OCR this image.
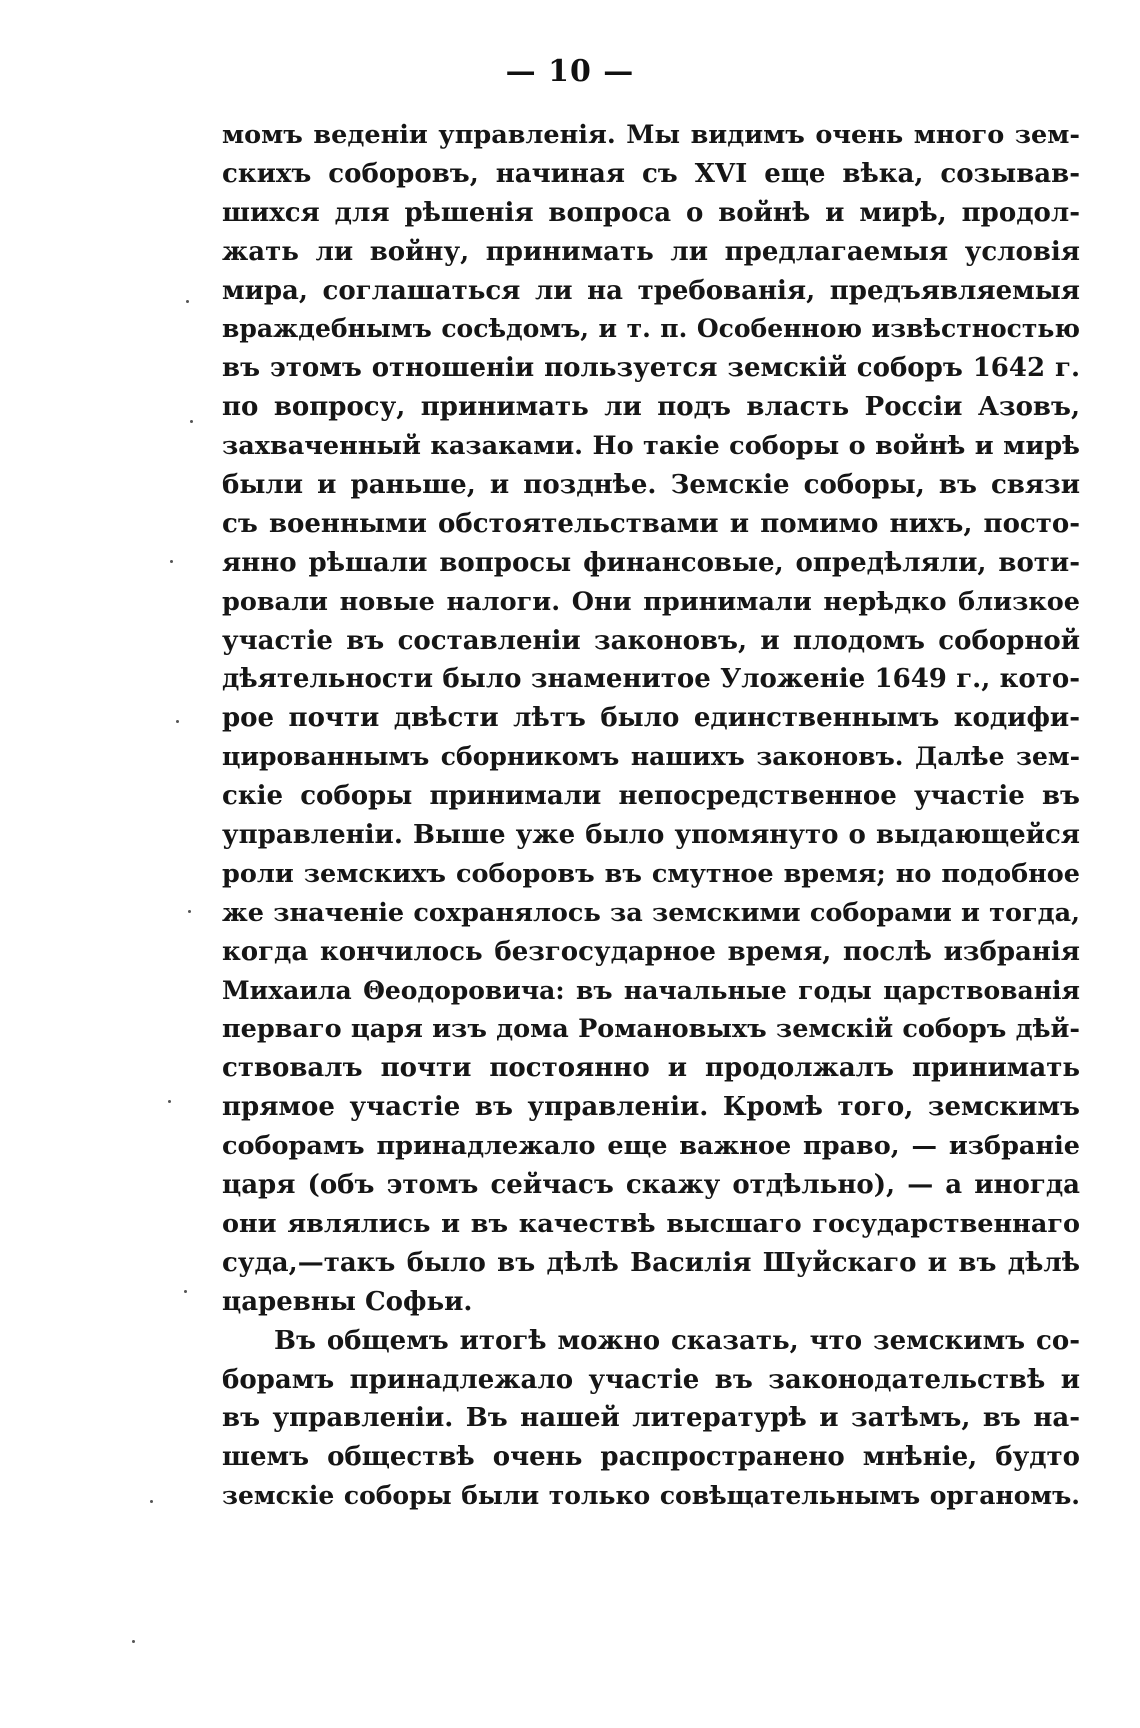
— 10 —
момъ веденіи управленія. Мы видимъ очень много зем-
скихъ соборовъ, начиная съ XVI еще вѣка, созывав-
шихся для рѣшенія вопроса о войнѣ и мирѣ, продол-
жать ли войну, принимать ли предлагаемыя условія
мира, соглашаться ли на требованія, предъявляемыя
враждебнымъ сосѣдомъ, и т. п. Особенною извѣстностью
въ этомъ отношеніи пользуется земскій соборъ 1642 г.
по вопросу, принимать ли подъ власть Россіи Азовъ,
захваченный казаками. Но такіе соборы о войнѣ и мирѣ
были и раньше, и позднѣе. Земскіе соборы, въ связи
съ военными обстоятельствами и помимо нихъ, посто-
янно рѣшали вопросы финансовые, опредѣляли, воти-
ровали новые налоги. Они принимали нерѣдко близкое
участіе въ составленіи законовъ, и плодомъ соборной
дѣятельности было знаменитое Уложеніе 1649 г., кото-
рое почти двѣсти лѣтъ было единственнымъ кодифи-
цированнымъ сборникомъ нашихъ законовъ. Далѣе зем-
скіе соборы принимали непосредственное участіе въ
управленіи. Выше уже было упомянуто о выдающейся
роли земскихъ соборовъ въ смутное время; но подобное
же значеніе сохранялось за земскими соборами и тогда,
когда кончилось безгосударное время, послѣ избранія
Михаила Θеодоровича: въ начальные годы царствованія
перваго царя изъ дома Романовыхъ земскій соборъ дѣй-
ствовалъ почти постоянно и продолжалъ принимать
прямое участіе въ управленіи. Кромѣ того, земскимъ
соборамъ принадлежало еще важное право, — избраніе
царя (объ этомъ сейчасъ скажу отдѣльно), — а иногда
они являлись и въ качествѣ высшаго государственнаго
суда,—такъ было въ дѣлѣ Василія Шуйскаго и въ дѣлѣ
царевны Софьи.
Въ общемъ итогѣ можно сказать, что земскимъ со-
борамъ принадлежало участіе въ законодательствѣ и
въ управленіи. Въ нашей литературѣ и затѣмъ, въ на-
шемъ обществѣ очень распространено мнѣніе, будто
земскіе соборы были только совѣщательнымъ органомъ.
